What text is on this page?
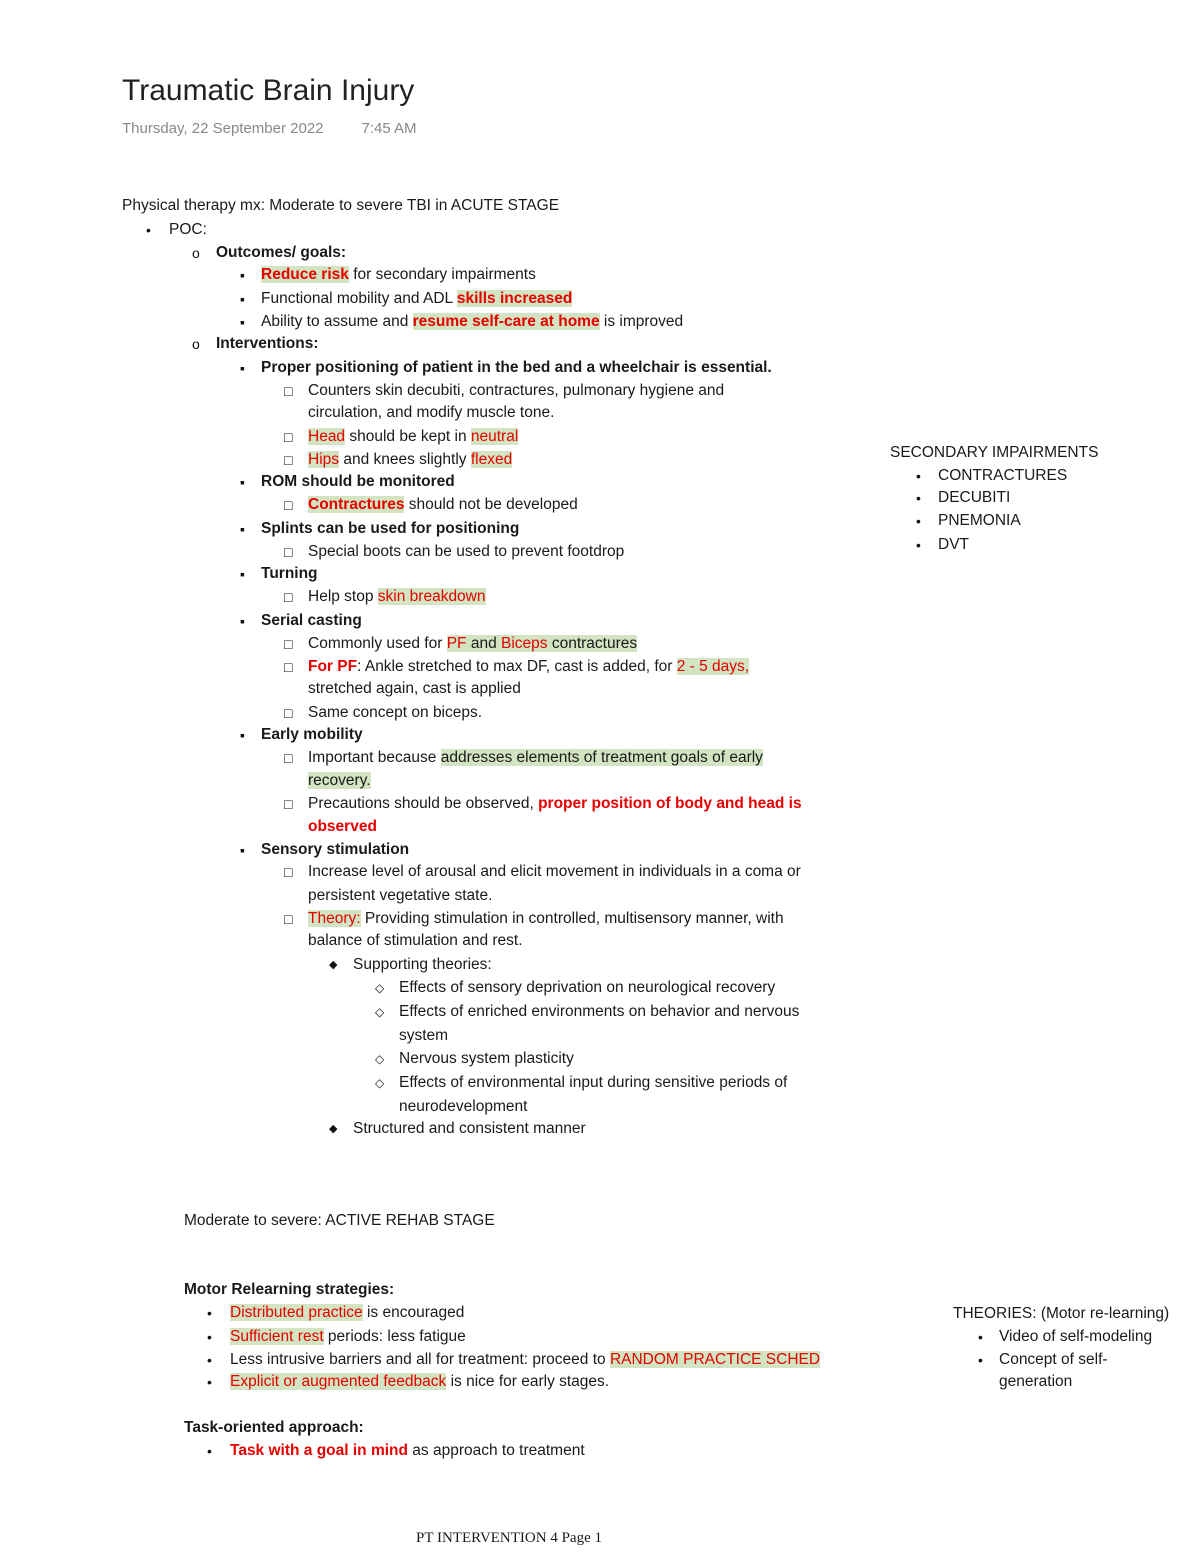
Traumatic Brain Injury
Thursday, 22 September 2022	7:45 AM
Physical therapy mx: Moderate to severe TBI in ACUTE STAGE
• POC:
o Outcomes/ goals:
▪ Reduce risk for secondary impairments
▪ Functional mobility and ADL skills increased
▪ Ability to assume and resume self-care at home is improved
o Interventions:
▪ Proper positioning of patient in the bed and a wheelchair is essential.
□ Counters skin decubiti, contractures, pulmonary hygiene and
circulation, and modify muscle tone.
□ Head should be kept in neutral
□ Hips and knees slightly flexed
▪ ROM should be monitored
□ Contractures should not be developed
▪ Splints can be used for positioning
□ Special boots can be used to prevent footdrop
▪ Turning
□ Help stop skin breakdown
▪ Serial casting
□ Commonly used for PF and Biceps contractures
□ For PF: Ankle stretched to max DF, cast is added, for 2 - 5 days,
stretched again, cast is applied
□ Same concept on biceps.
▪ Early mobility
□ Important because addresses elements of treatment goals of early
recovery.
□ Precautions should be observed, proper position of body and head is
observed
▪ Sensory stimulation
□ Increase level of arousal and elicit movement in individuals in a coma or
persistent vegetative state.
□ Theory: Providing stimulation in controlled, multisensory manner, with
balance of stimulation and rest.
◆ Supporting theories:
◇ Effects of sensory deprivation on neurological recovery
◇ Effects of enriched environments on behavior and nervous
system
◇ Nervous system plasticity
◇ Effects of environmental input during sensitive periods of
neurodevelopment
◆ Structured and consistent manner
SECONDARY IMPAIRMENTS
• CONTRACTURES
• DECUBITI
• PNEMONIA
• DVT
Moderate to severe: ACTIVE REHAB STAGE
Motor Relearning strategies:
• Distributed practice is encouraged
• Sufficient rest periods: less fatigue
• Less intrusive barriers and all for treatment: proceed to RANDOM PRACTICE SCHED
• Explicit or augmented feedback is nice for early stages.
Task-oriented approach:
• Task with a goal in mind as approach to treatment
THEORIES: (Motor re-learning)
• Video of self-modeling
• Concept of self-
generation
PT INTERVENTION 4 Page 1
